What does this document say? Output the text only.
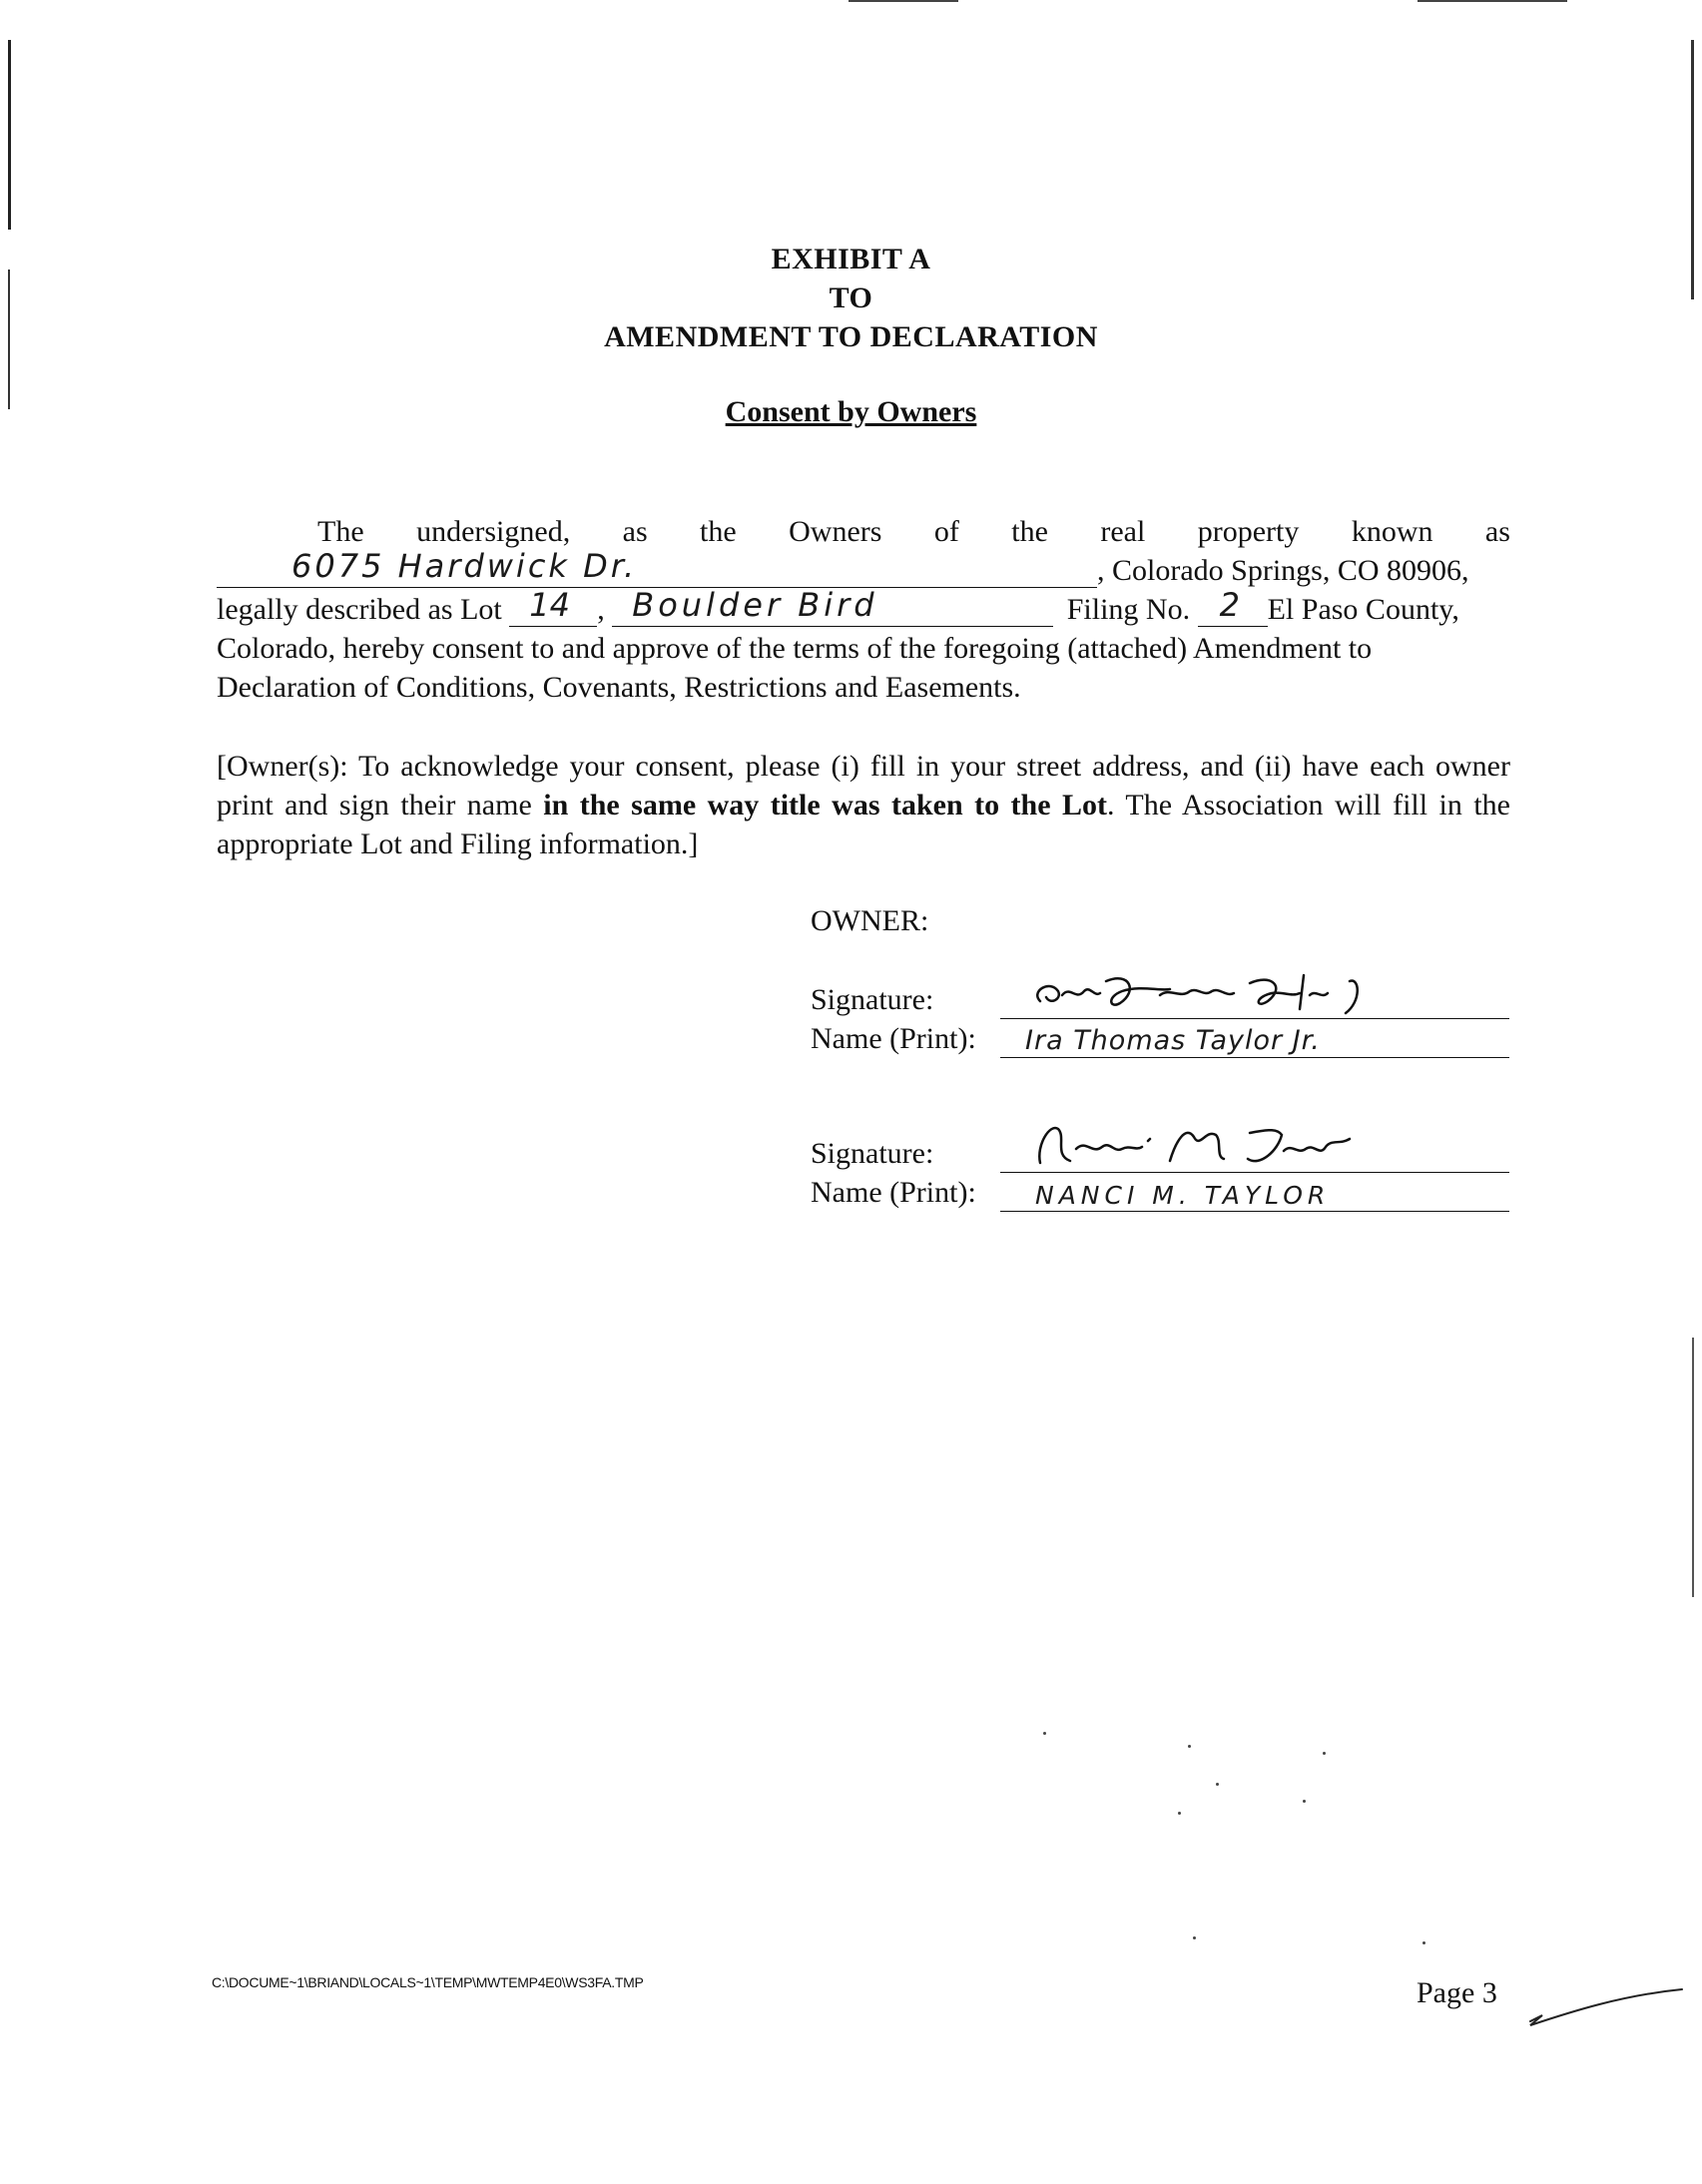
EXHIBIT A
TO
AMENDMENT TO DECLARATION
Consent by Owners
The undersigned, as the Owners of the real property known as
6075 Hardwick Dr.	, Colorado Springs, CO 80906,
legally described as Lot 14 , Boulder Bird	Filing No. 2 El Paso County,
Colorado, hereby consent to and approve of the terms of the foregoing (attached) Amendment to
Declaration of Conditions, Covenants, Restrictions and Easements.
[Owner(s): To acknowledge your consent, please (i) fill in your street address, and (ii) have each owner print and sign their name in the same way title was taken to the Lot. The Association will fill in the appropriate Lot and Filing information.]
OWNER:
Signature:
Name (Print): Ira Thomas Taylor Jr.
Signature:
Name (Print): NANCI M. TAYLOR
C:\DOCUME~1\BRIAND\LOCALS~1\TEMP\MWTEMP4E0\WS3FA.TMP	Page 3
